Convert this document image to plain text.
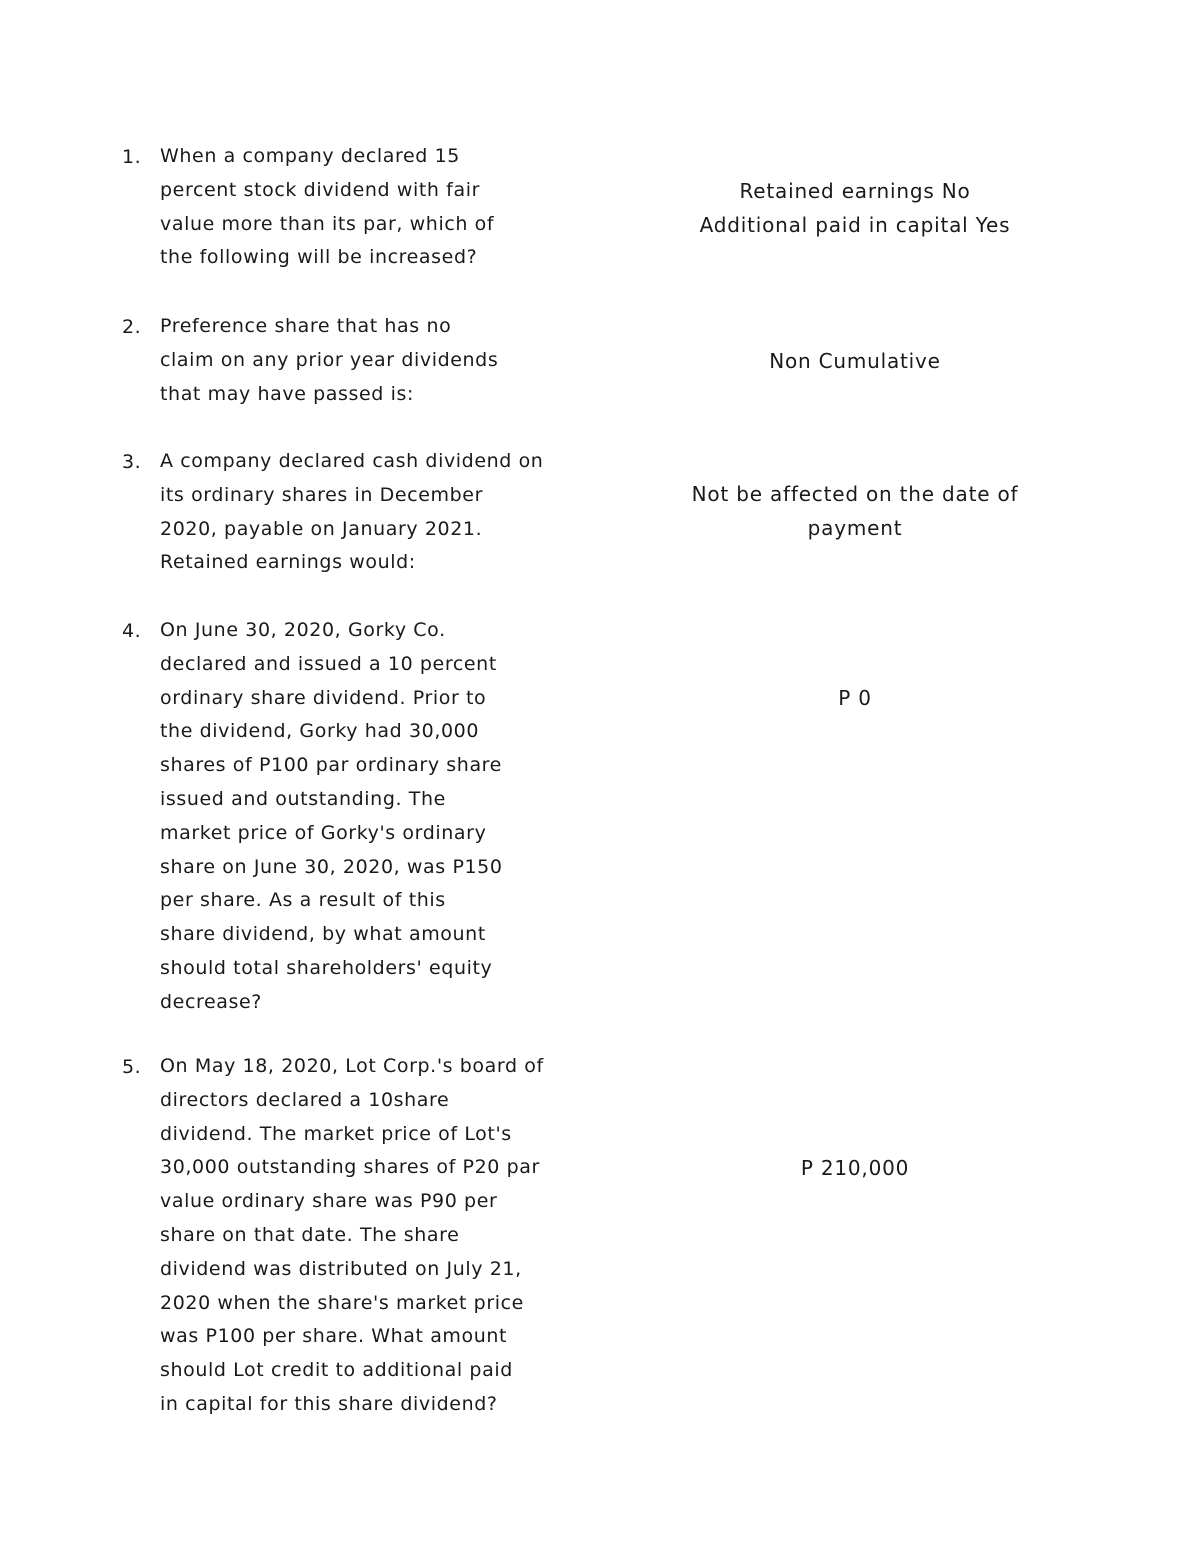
1. When a company declared 15
percent stock dividend with fair
value more than its par, which of
the following will be increased?
Retained earnings No
Additional paid in capital Yes
2. Preference share that has no
claim on any prior year dividends
that may have passed is:
Non Cumulative
3. A company declared cash dividend on
its ordinary shares in December
2020, payable on January 2021.
Retained earnings would:
Not be affected on the date of
payment
4. On June 30, 2020, Gorky Co.
declared and issued a 10 percent
ordinary share dividend. Prior to
the dividend, Gorky had 30,000
shares of P100 par ordinary share
issued and outstanding. The
market price of Gorky's ordinary
share on June 30, 2020, was P150
per share. As a result of this
share dividend, by what amount
should total shareholders' equity
decrease?
P 0
5. On May 18, 2020, Lot Corp.'s board of
directors declared a 10share
dividend. The market price of Lot's
30,000 outstanding shares of P20 par
value ordinary share was P90 per
share on that date. The share
dividend was distributed on July 21,
2020 when the share's market price
was P100 per share. What amount
should Lot credit to additional paid
in capital for this share dividend?
P 210,000
